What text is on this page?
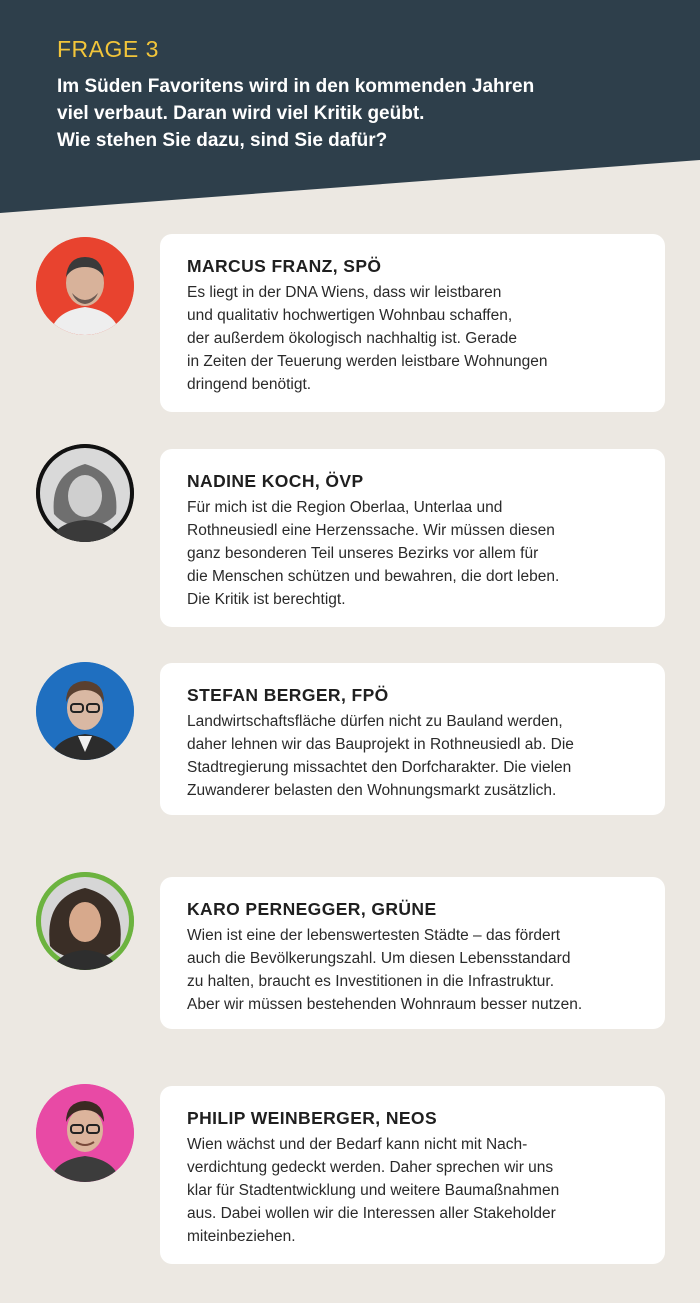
FRAGE 3
Im Süden Favoritens wird in den kommenden Jahren
viel verbaut. Daran wird viel Kritik geübt.
Wie stehen Sie dazu, sind Sie dafür?
MARCUS FRANZ, SPÖ
Es liegt in der DNA Wiens, dass wir leistbaren
und qualitativ hochwertigen Wohnbau schaffen,
der außerdem ökologisch nachhaltig ist. Gerade
in Zeiten der Teuerung werden leistbare Wohnungen
dringend benötigt.
NADINE KOCH, ÖVP
Für mich ist die Region Oberlaa, Unterlaa und
Rothneusiedl eine Herzenssache. Wir müssen diesen
ganz besonderen Teil unseres Bezirks vor allem für
die Menschen schützen und bewahren, die dort leben.
Die Kritik ist berechtigt.
STEFAN BERGER, FPÖ
Landwirtschaftsfläche dürfen nicht zu Bauland werden,
daher lehnen wir das Bauprojekt in Rothneusiedl ab. Die
Stadtregierung missachtet den Dorfcharakter. Die vielen
Zuwanderer belasten den Wohnungsmarkt zusätzlich.
KARO PERNEGGER, GRÜNE
Wien ist eine der lebenswertesten Städte – das fördert
auch die Bevölkerungszahl. Um diesen Lebensstandard
zu halten, braucht es Investitionen in die Infrastruktur.
Aber wir müssen bestehenden Wohnraum besser nutzen.
PHILIP WEINBERGER, NEOS
Wien wächst und der Bedarf kann nicht mit Nach-
verdichtung gedeckt werden. Daher sprechen wir uns
klar für Stadtentwicklung und weitere Baumaßnahmen
aus. Dabei wollen wir die Interessen aller Stakeholder
miteinbeziehen.
